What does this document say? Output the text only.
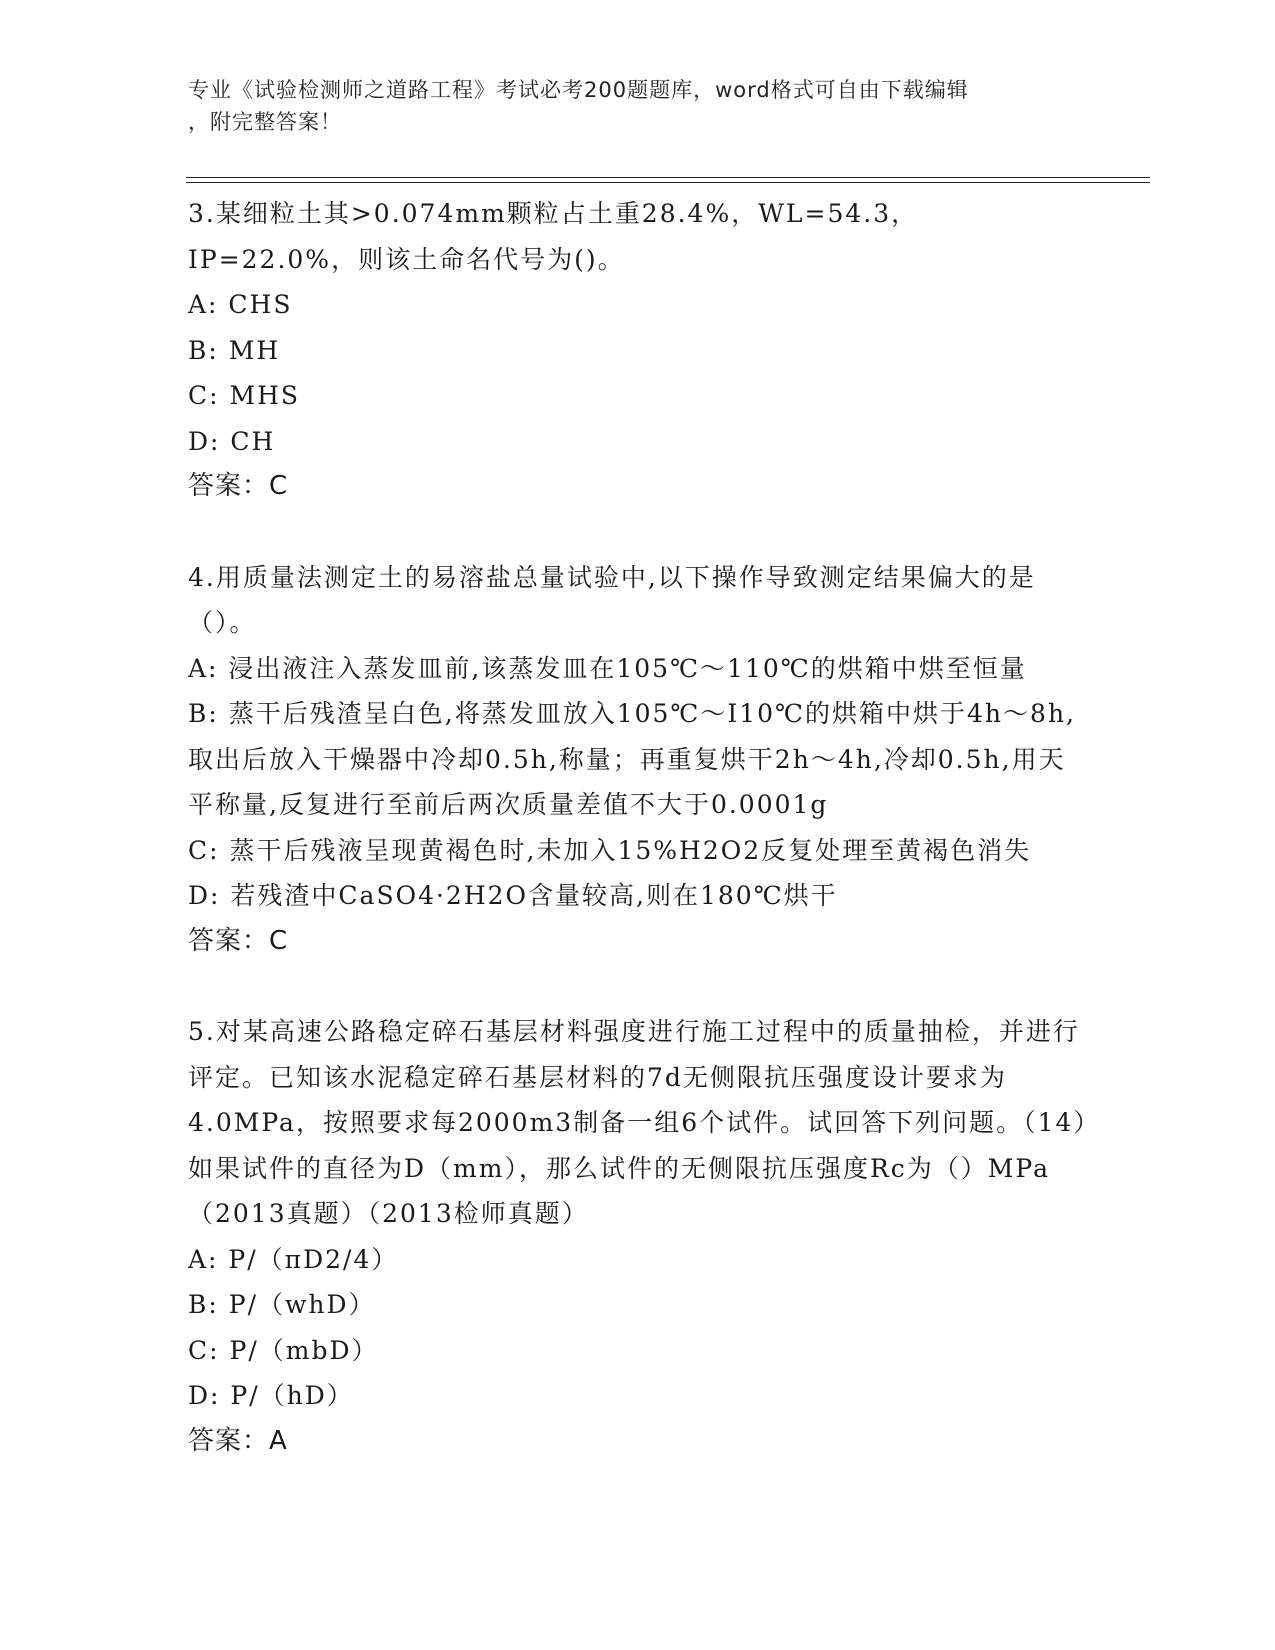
专业《试验检测师之道路工程》考试必考200题题库，word格式可自由下载编辑
，附完整答案！

3.某细粒土其>0.074mm颗粒占土重28.4%，WL=54.3，IP=22.0%，则该土命名代号为()。

A: CHS

B: MH

C: MHS

D: CH

答案：C

4.用质量法测定土的易溶盐总量试验中,以下操作导致测定结果偏大的是（）。

A: 浸出液注入蒸发皿前,该蒸发皿在105℃～110℃的烘箱中烘至恒量

B: 蒸干后残渣呈白色,将蒸发皿放入105℃～I10℃的烘箱中烘于4h～8h,取出后放入干燥器中冷却0.5h,称量；再重复烘干2h～4h,冷却0.5h,用天平称量,反复进行至前后两次质量差值不大于0.0001g

C: 蒸干后残液呈现黄褐色时,未加入15%H2O2反复处理至黄褐色消失

D: 若残渣中CaSO4·2H2O含量较高,则在180℃烘干

答案：C

5.对某高速公路稳定碎石基层材料强度进行施工过程中的质量抽检，并进行评定。已知该水泥稳定碎石基层材料的7d无侧限抗压强度设计要求为4.0MPa，按照要求每2000m3制备一组6个试件。试回答下列问题。（14）如果试件的直径为D（mm），那么试件的无侧限抗压强度Rc为（）MPa（2013真题）（2013检师真题）

A: P/（πD2/4）

B: P/（whD）

C: P/（mbD）

D: P/（hD）

答案：A
